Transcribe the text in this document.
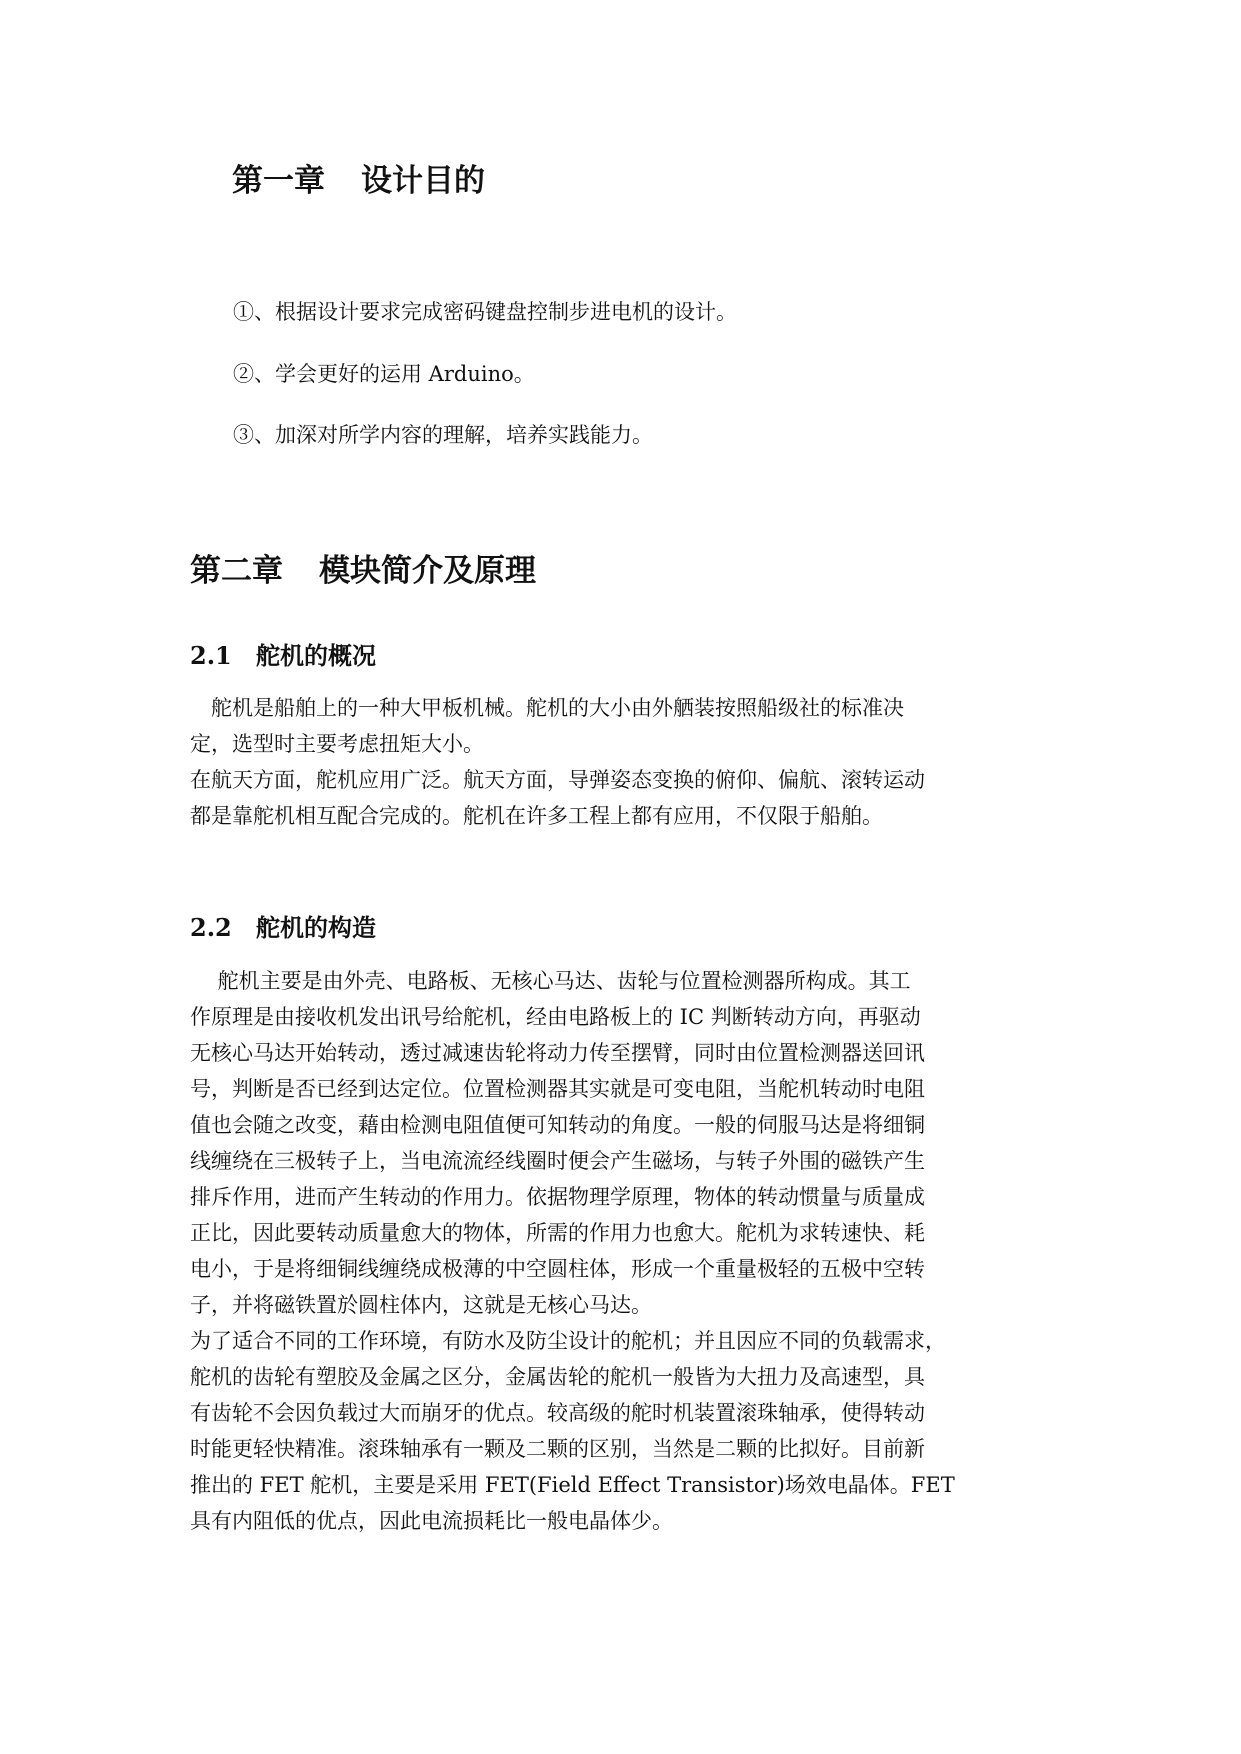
第一章 设计目的

①、根据设计要求完成密码键盘控制步进电机的设计。

②、学会更好的运用 Arduino。

③、加深对所学内容的理解，培养实践能力。

第二章 模块简介及原理
2.1 舵机的概况

　舵机是船舶上的一种大甲板机械。舵机的大小由外舾装按照船级社的标准决

定，选型时主要考虑扭矩大小。

在航天方面，舵机应用广泛。航天方面，导弹姿态变换的俯仰、偏航、滚转运动

都是靠舵机相互配合完成的。舵机在许多工程上都有应用，不仅限于船舶。

2.2 舵机的构造

　 舵机主要是由外壳、电路板、无核心马达、齿轮与位置检测器所构成。其工

作原理是由接收机发出讯号给舵机，经由电路板上的 IC 判断转动方向，再驱动

无核心马达开始转动，透过减速齿轮将动力传至摆臂，同时由位置检测器送回讯

号，判断是否已经到达定位。位置检测器其实就是可变电阻，当舵机转动时电阻

值也会随之改变，藉由检测电阻值便可知转动的角度。一般的伺服马达是将细铜

线缠绕在三极转子上，当电流流经线圈时便会产生磁场，与转子外围的磁铁产生

排斥作用，进而产生转动的作用力。依据物理学原理，物体的转动惯量与质量成

正比，因此要转动质量愈大的物体，所需的作用力也愈大。舵机为求转速快、耗

电小，于是将细铜线缠绕成极薄的中空圆柱体，形成一个重量极轻的五极中空转

子，并将磁铁置於圆柱体内，这就是无核心马达。

为了适合不同的工作环境，有防水及防尘设计的舵机；并且因应不同的负载需求，

舵机的齿轮有塑胶及金属之区分，金属齿轮的舵机一般皆为大扭力及高速型，具

有齿轮不会因负载过大而崩牙的优点。较高级的舵时机装置滚珠轴承，使得转动

时能更轻快精准。滚珠轴承有一颗及二颗的区别，当然是二颗的比拟好。目前新

推出的 FET 舵机，主要是采用 FET(Field Effect Transistor)场效电晶体。FET

具有内阻低的优点，因此电流损耗比一般电晶体少。
